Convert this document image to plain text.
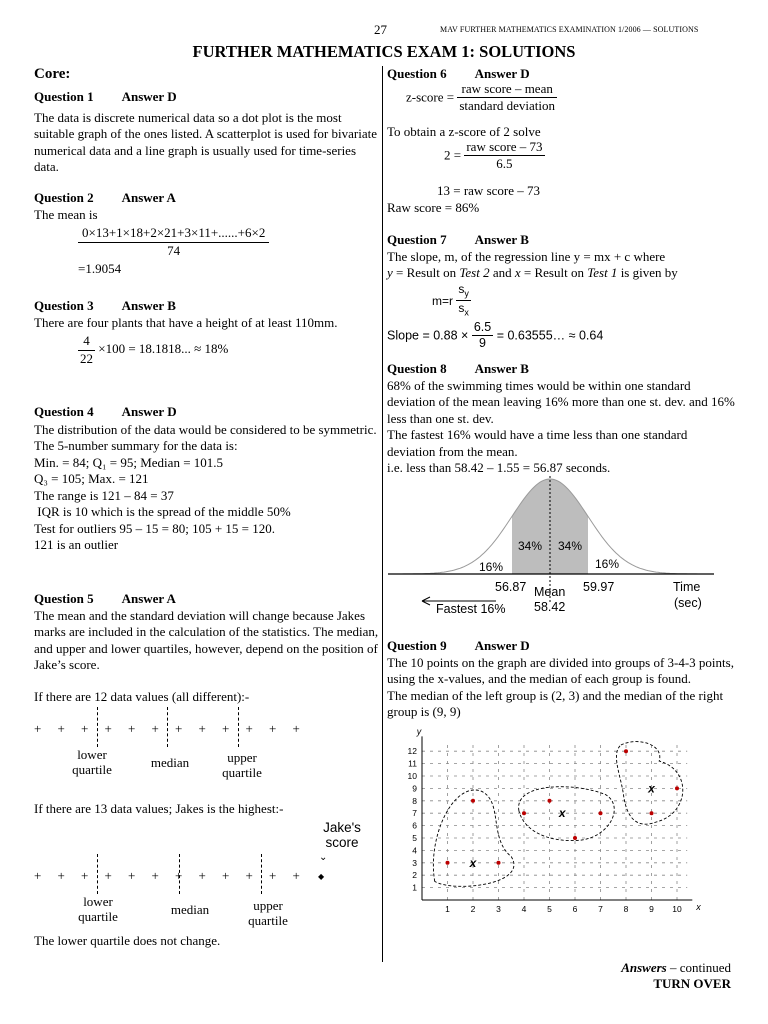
27	MAV FURTHER MATHEMATICS EXAMINATION 1/2006 — SOLUTIONS
FURTHER MATHEMATICS EXAM 1: SOLUTIONS
Core:
Question 1 Answer D
The data is discrete numerical data so a dot plot is the most suitable graph of the ones listed. A scatterplot is used for bivariate numerical data and a line graph is usually used for time-series data.
Question 2 Answer A
The mean is
$\frac{0\times 13+1\times 18+2\times 21+3\times 11+......+6\times 2}{74}$
=1.9054
Question 3 Answer B
There are four plants that have a height of at least 110mm.
$\frac{4}{22} \times 100 = 18.1818$... ≈ 18%
Question 4 Answer D
The distribution of the data would be considered to be symmetric.
The 5-number summary for the data is:
Min. = 84; Q₁ = 95; Median = 101.5
Q₃ = 105; Max. = 121
The range is 121 – 84 = 37
IQR is 10 which is the spread of the middle 50%
Test for outliers 95 – 15 = 80; 105 + 15 = 120.
121 is an outlier
Question 5 Answer A
The mean and the standard deviation will change because Jakes marks are included in the calculation of the statistics. The median, and upper and lower quartiles, however, depend on the position of Jake’s score.
If there are 12 data values (all different):-
+ + + + + + + + + + + +
lower quartile	median	upper quartile
If there are 13 data values; Jakes is the highest:-
Jake's score
+ + + + + + + + + + + + ◆
lower quartile	median	upper quartile
The lower quartile does not change.
Question 6 Answer D
z-score = $\frac{\text{raw score – mean}}{\text{standard deviation}}$
To obtain a z-score of 2 solve
$2 = \frac{\text{raw score – 73}}{6.5}$
13 = raw score – 73
Raw score = 86%
Question 7 Answer B
The slope, m, of the regression line y = mx + c where
y = Result on Test 2 and x = Result on Test 1 is given by
$m=r \frac{s_y}{s_x}$
Slope = $0.88 \times \frac{6.5}{9}$ = 0.63555… ≈ 0.64
Question 8 Answer B
68% of the swimming times would be within one standard deviation of the mean leaving 16% more than one st. dev. and 16% less than one st. dev.
The fastest 16% would have a time less than one standard deviation from the mean.
i.e. less than 58.42 – 1.55 = 56.87 seconds.
34% 34%
16%	16%
56.87 Mean
58.42
59.97	Time
(sec)
Fastest 16%
Question 9 Answer D
The 10 points on the graph are divided into groups of 3-4-3 points, using the x-values, and the median of each group is found.
The median of the left group is (2, 3) and the median of the right group is (9, 9)
1
2
3
4
5
6
7
8
9
10
11
12
1 2 3 4 5 6 7 8 9 10
y
x
x
x
x
Answers – continued
TURN OVER
⌄
